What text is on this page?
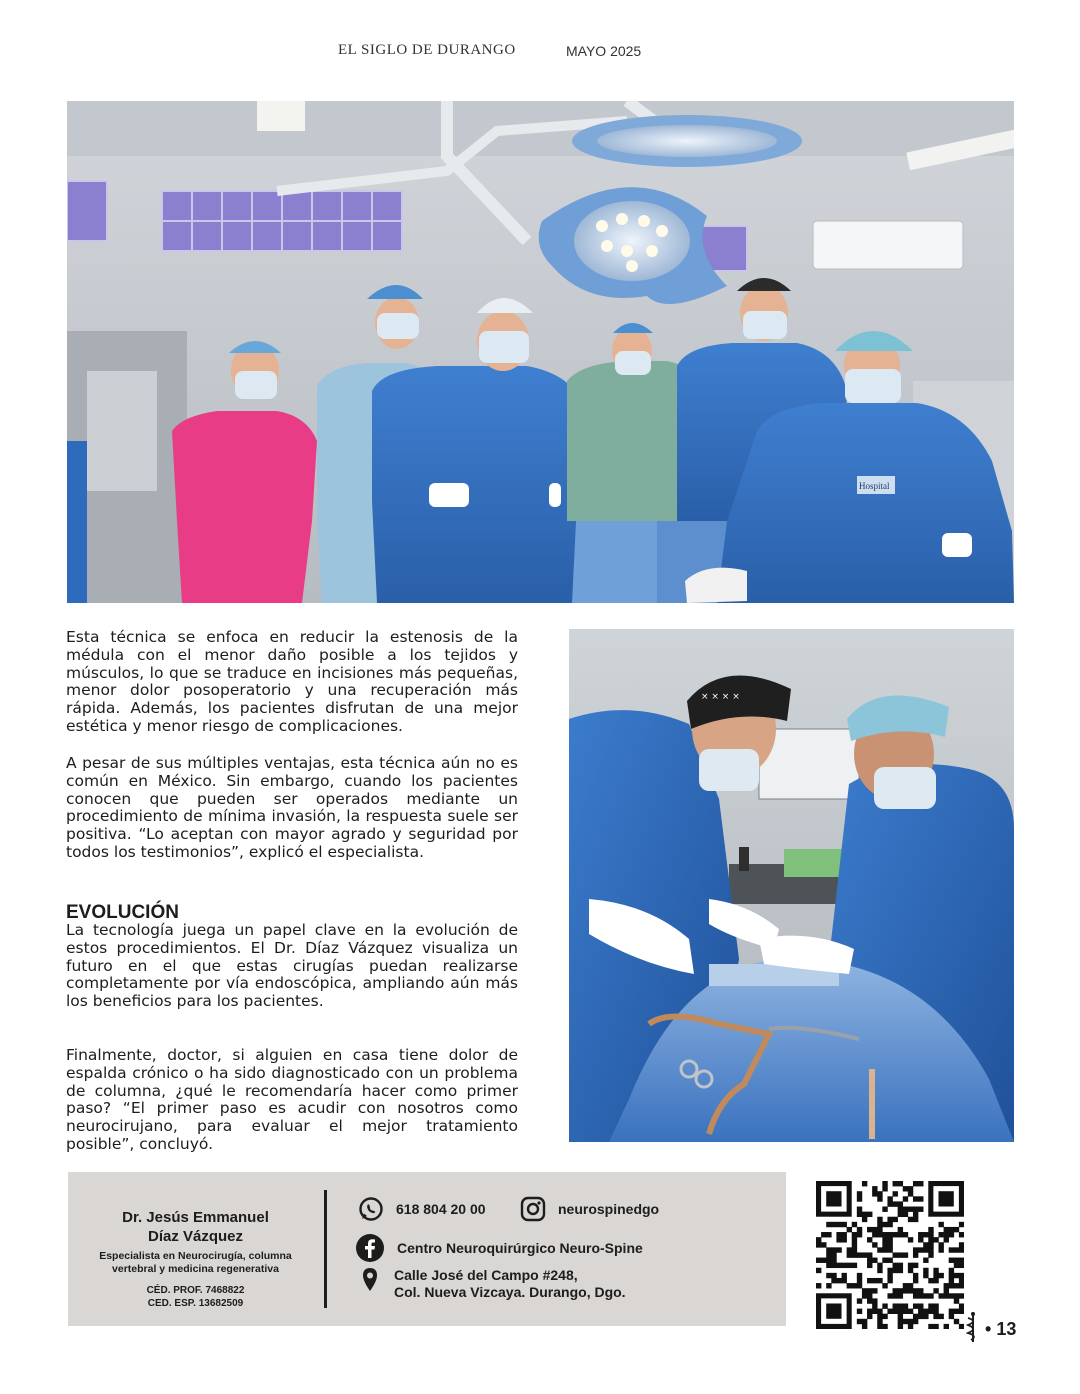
EL SIGLO DE DURANGO	MAYO 2025
Hospital
× × × ×

Esta técnica se enfoca en reducir la estenosis de la médula con el menor daño posible a los tejidos y músculos, lo que se traduce en incisiones más pequeñas, menor dolor posoperatorio y una recuperación más rápida. Además, los pacientes disfrutan de una mejor estética y menor riesgo de complicaciones.

A pesar de sus múltiples ventajas, esta técnica aún no es común en México. Sin embargo, cuando los pacientes conocen que pueden ser operados mediante un procedimiento de mínima invasión, la respuesta suele ser positiva. “Lo aceptan con mayor agrado y seguridad por todos los testimonios”, explicó el especialista.

EVOLUCIÓN

La tecnología juega un papel clave en la evolución de estos procedimientos. El Dr. Díaz Vázquez visualiza un futuro en el que estas cirugías puedan realizarse completamente por vía endoscópica, ampliando aún más los beneficios para los pacientes.

Finalmente, doctor, si alguien en casa tiene dolor de espalda crónico o ha sido diagnosticado con un problema de columna, ¿qué le recomendaría hacer como primer paso? “El primer paso es acudir con nosotros como neurocirujano, para evaluar el mejor tratamiento posible”, concluyó.

Dr. Jesús Emmanuel
Díaz Vázquez
Especialista en Neurocirugía, columna vertebral y medicina regenerativa
CÉD. PROF. 7468822
CED. ESP. 13682509
618 804 20 00	neurospinedgo
Centro Neuroquirúrgico Neuro-Spine
Calle José del Campo #248,
Col. Nueva Vizcaya. Durango, Dgo.
• 13
